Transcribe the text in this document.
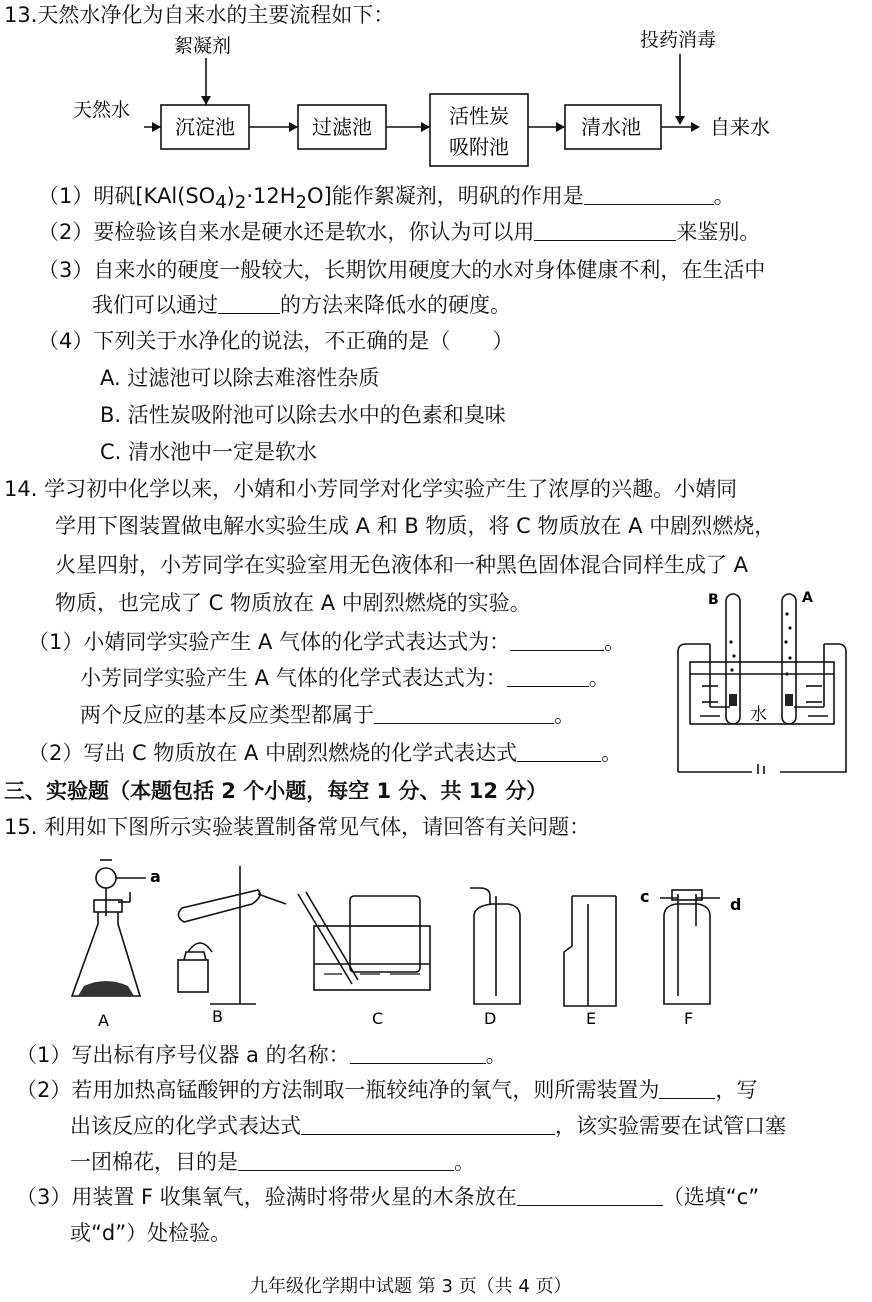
13.天然水净化为自来水的主要流程如下：
天然水
絮凝剂	投药消毒
沉淀池	过滤池	活性炭
吸附池
清水池	自来水
（1）明矾$[KAl(SO_4)_2\cdot 12H_2O]$能作絮凝剂，明矾的作用是	。
（2）要检验该自来水是硬水还是软水，你认为可以用	来鉴别。
（3）自来水的硬度一般较大，长期饮用硬度大的水对身体健康不利，在生活中
我们可以通过	的方法来降低水的硬度。
（4）下列关于水净化的说法，不正确的是（　　）
A. 过滤池可以除去难溶性杂质
B. 活性炭吸附池可以除去水中的色素和臭味
C. 清水池中一定是软水
14. 学习初中化学以来，小婧和小芳同学对化学实验产生了浓厚的兴趣。小婧同
学用下图装置做电解水实验生成 A 和 B 物质，将 C 物质放在 A 中剧烈燃烧，
火星四射，小芳同学在实验室用无色液体和一种黑色固体混合同样生成了 A
物质，也完成了 C 物质放在 A 中剧烈燃烧的实验。
（1）小婧同学实验产生 A 气体的化学式表达式为：	。
小芳同学实验产生 A 气体的化学式表达式为：	。
两个反应的基本反应类型都属于	。
（2）写出 C 物质放在 A 中剧烈燃烧的化学式表达式	。
B	A
水
三、实验题（本题包括 2 个小题，每空 1 分、共 12 分）
15. 利用如下图所示实验装置制备常见气体，请回答有关问题：
a
c	d
A	B	C	D	E	F
（1）写出标有序号仪器 a 的名称：	。
（2）若用加热高锰酸钾的方法制取一瓶较纯净的氧气，则所需装置为	，写
出该反应的化学式表达式	，该实验需要在试管口塞
一团棉花，目的是	。
（3）用装置 F 收集氧气，验满时将带火星的木条放在	（选填“c”
或“d”）处检验。
九年级化学期中试题 第 3 页（共 4 页）
